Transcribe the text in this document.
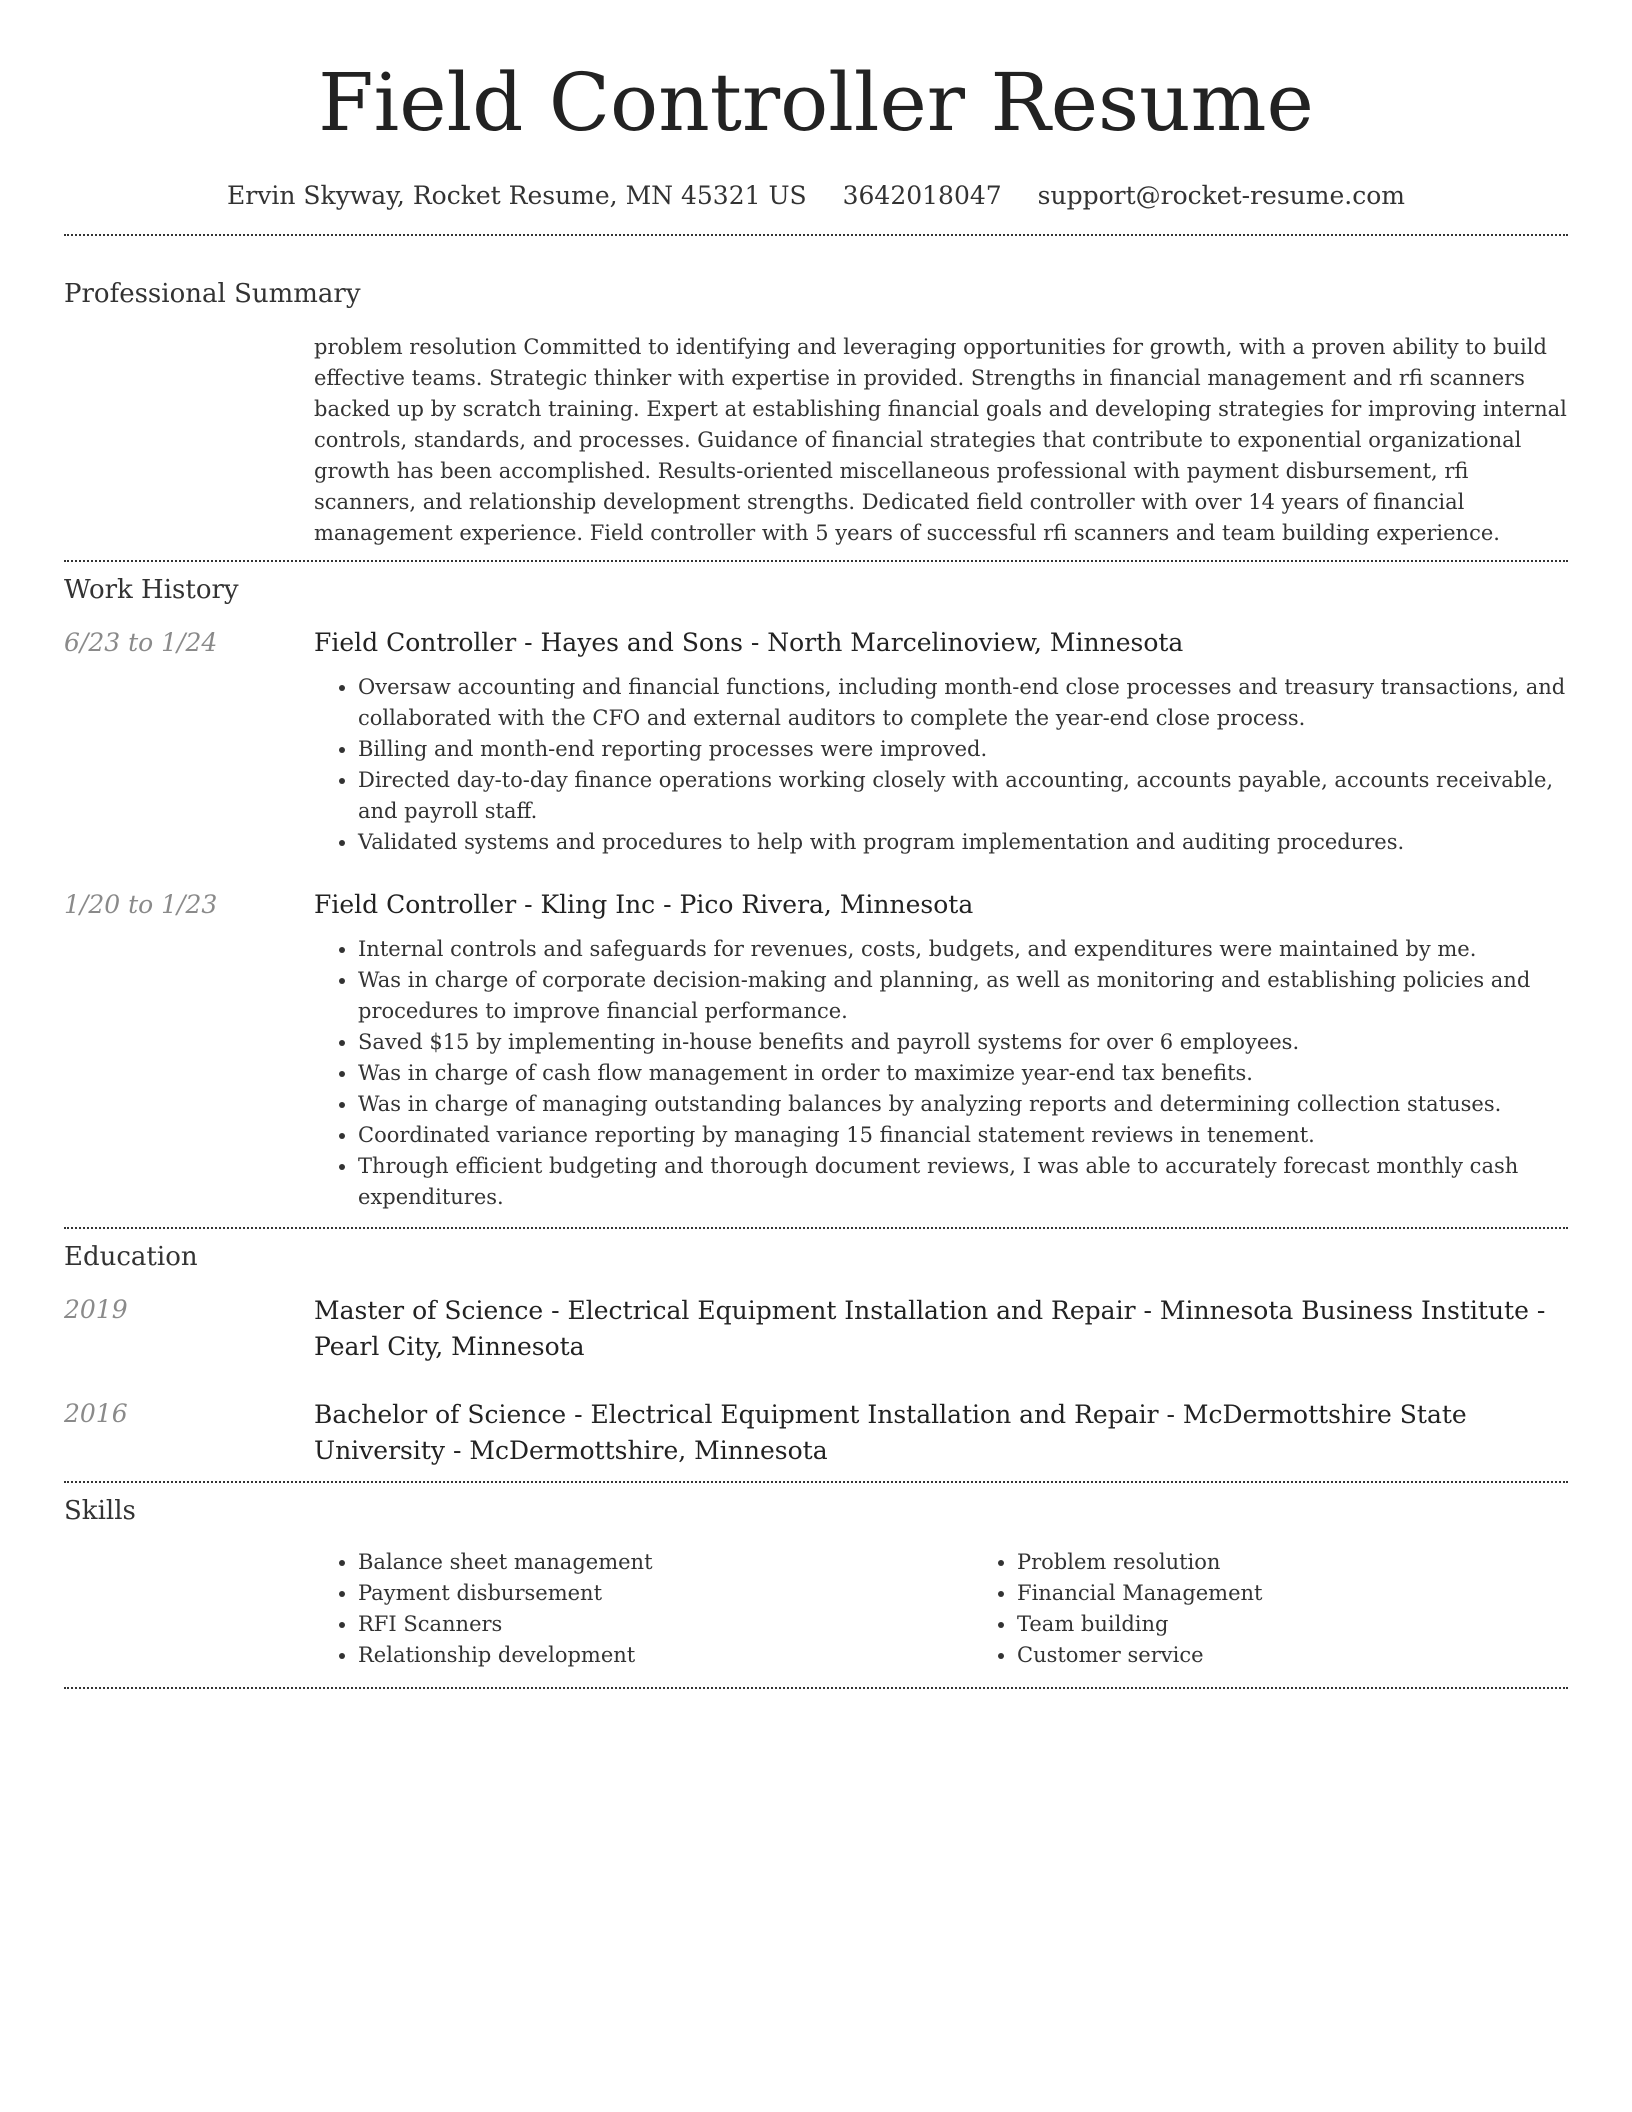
Field Controller Resume
Ervin Skyway, Rocket Resume, MN 45321 US 3642018047 support@rocket-resume.com
Professional Summary

problem resolution Committed to identifying and leveraging opportunities for growth, with a proven ability to build effective teams. Strategic thinker with expertise in provided. Strengths in financial management and rfi scanners backed up by scratch training. Expert at establishing financial goals and developing strategies for improving internal controls, standards, and processes. Guidance of financial strategies that contribute to exponential organizational growth has been accomplished. Results-oriented miscellaneous professional with payment disbursement, rfi scanners, and relationship development strengths. Dedicated field controller with over 14 years of financial management experience. Field controller with 5 years of successful rfi scanners and team building experience.

Work History
6/23 to 1/24	Field Controller - Hayes and Sons - North Marcelinoview, Minnesota
• Oversaw accounting and financial functions, including month-end close processes and treasury transactions, and collaborated with the CFO and external auditors to complete the year-end close process.
• Billing and month-end reporting processes were improved.
• Directed day-to-day finance operations working closely with accounting, accounts payable, accounts receivable, and payroll staff.
• Validated systems and procedures to help with program implementation and auditing procedures.
1/20 to 1/23	Field Controller - Kling Inc - Pico Rivera, Minnesota
• Internal controls and safeguards for revenues, costs, budgets, and expenditures were maintained by me.
• Was in charge of corporate decision-making and planning, as well as monitoring and establishing policies and procedures to improve financial performance.
• Saved $15 by implementing in-house benefits and payroll systems for over 6 employees.
• Was in charge of cash flow management in order to maximize year-end tax benefits.
• Was in charge of managing outstanding balances by analyzing reports and determining collection statuses.
• Coordinated variance reporting by managing 15 financial statement reviews in tenement.
• Through efficient budgeting and thorough document reviews, I was able to accurately forecast monthly cash expenditures.
Education
2019	Master of Science - Electrical Equipment Installation and Repair - Minnesota Business Institute - Pearl City, Minnesota
2016	Bachelor of Science - Electrical Equipment Installation and Repair - McDermottshire State University - McDermottshire, Minnesota
Skills
• Balance sheet management
• Payment disbursement
• RFI Scanners
• Relationship development
• Problem resolution
• Financial Management
• Team building
• Customer service
